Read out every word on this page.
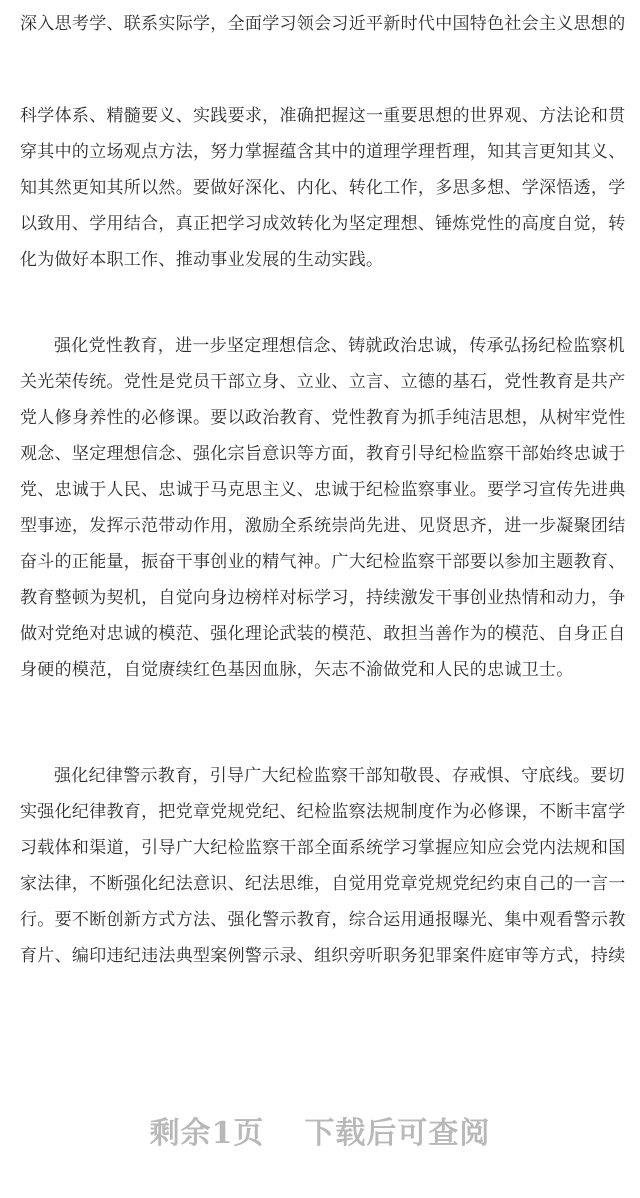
深入思考学、联系实际学，全面学习领会习近平新时代中国特色社会主义思想的
科学体系、精髓要义、实践要求，准确把握这一重要思想的世界观、方法论和贯
穿其中的立场观点方法，努力掌握蕴含其中的道理学理哲理，知其言更知其义、
知其然更知其所以然。要做好深化、内化、转化工作，多思多想、学深悟透，学
以致用、学用结合，真正把学习成效转化为坚定理想、锤炼党性的高度自觉，转
化为做好本职工作、推动事业发展的生动实践。
强化党性教育，进一步坚定理想信念、铸就政治忠诚，传承弘扬纪检监察机
关光荣传统。党性是党员干部立身、立业、立言、立德的基石，党性教育是共产
党人修身养性的必修课。要以政治教育、党性教育为抓手纯洁思想，从树牢党性
观念、坚定理想信念、强化宗旨意识等方面，教育引导纪检监察干部始终忠诚于
党、忠诚于人民、忠诚于马克思主义、忠诚于纪检监察事业。要学习宣传先进典
型事迹，发挥示范带动作用，激励全系统崇尚先进、见贤思齐，进一步凝聚团结
奋斗的正能量，振奋干事创业的精气神。广大纪检监察干部要以参加主题教育、
教育整顿为契机，自觉向身边榜样对标学习，持续激发干事创业热情和动力，争
做对党绝对忠诚的模范、强化理论武装的模范、敢担当善作为的模范、自身正自
身硬的模范，自觉赓续红色基因血脉，矢志不渝做党和人民的忠诚卫士。
强化纪律警示教育，引导广大纪检监察干部知敬畏、存戒惧、守底线。要切
实强化纪律教育，把党章党规党纪、纪检监察法规制度作为必修课，不断丰富学
习载体和渠道，引导广大纪检监察干部全面系统学习掌握应知应会党内法规和国
家法律，不断强化纪法意识、纪法思维，自觉用党章党规党纪约束自己的一言一
行。要不断创新方式方法、强化警示教育，综合运用通报曝光、集中观看警示教
育片、编印违纪违法典型案例警示录、组织旁听职务犯罪案件庭审等方式，持续
剩余1页 下载后可查阅
